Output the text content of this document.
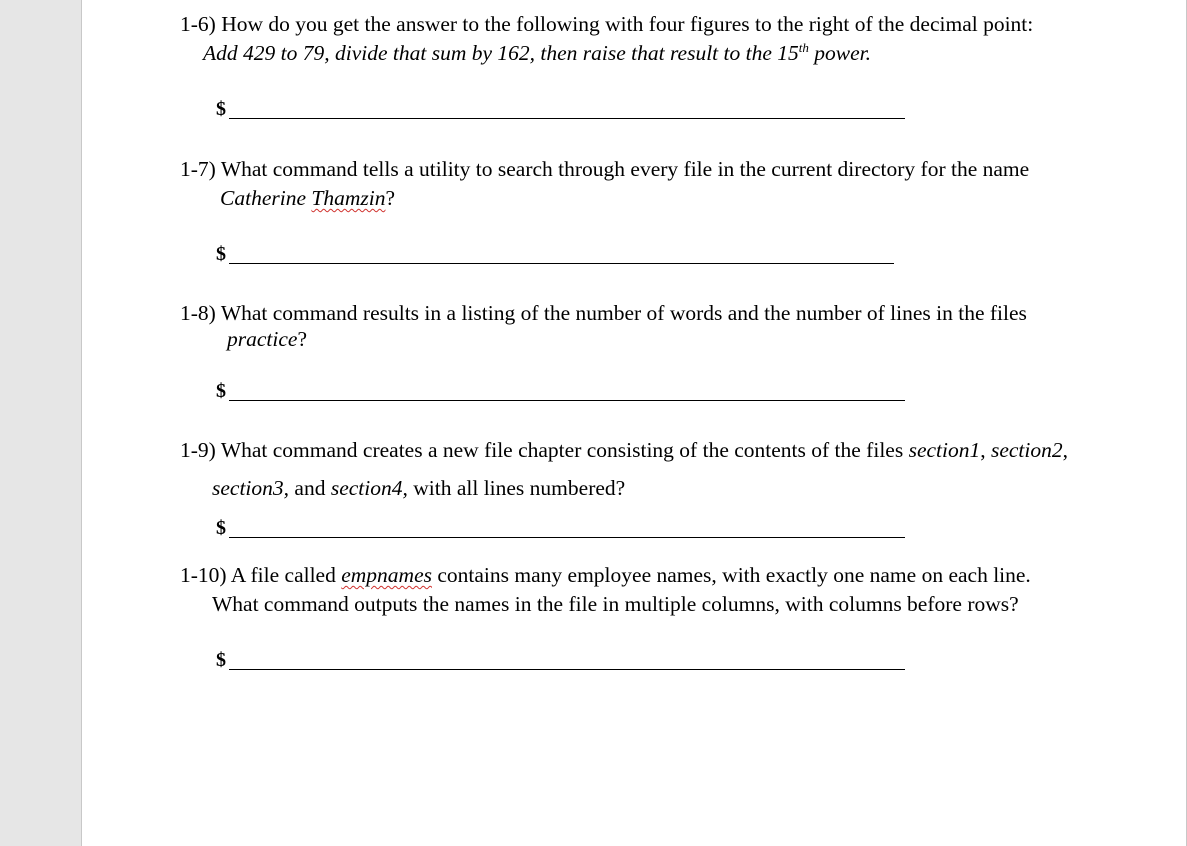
1-6) How do you get the answer to the following with four figures to the right of the decimal point:
Add 429 to 79, divide that sum by 162, then raise that result to the 15th power.
$
1-7) What command tells a utility to search through every file in the current directory for the name
Catherine Thamzin?
$
1-8) What command results in a listing of the number of words and the number of lines in the files
practice?
$
1-9) What command creates a new file chapter consisting of the contents of the files section1, section2,
section3, and section4, with all lines numbered?
$
1-10) A file called empnames contains many employee names, with exactly one name on each line.
What command outputs the names in the file in multiple columns, with columns before rows?
$
